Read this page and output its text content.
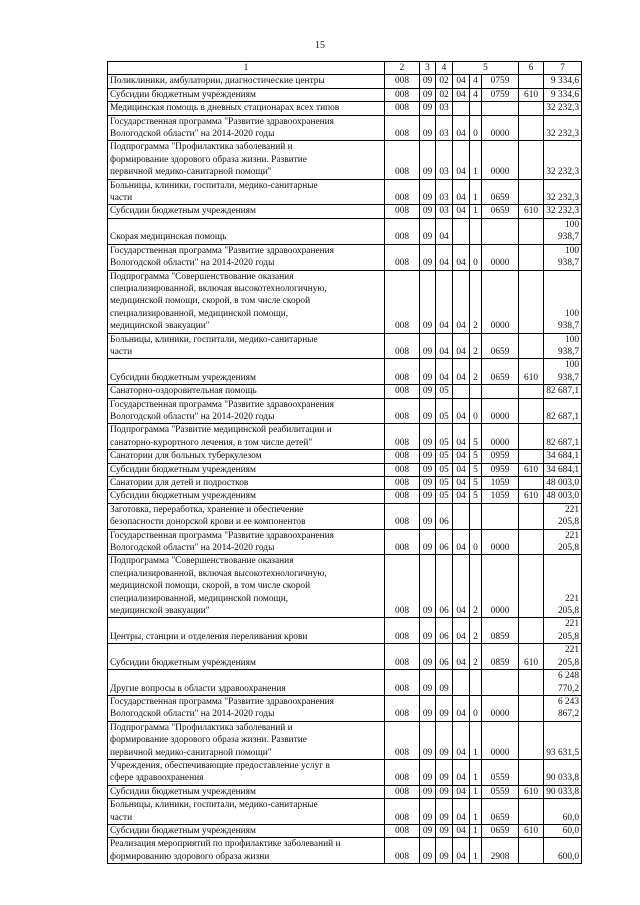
15
1	2	3	4	5			6	7
Поликлиники, амбулатории, диагностические центры	008	09	02	04	4	0759		9 334,6
Субсидии бюджетным учреждениям	008	09	02	04	4	0759	610	9 334,6
Медицинская помощь в дневных стационарах всех типов	008	09	03					32 232,3
Государственная программа "Развитие здравоохранения
Вологодской области" на 2014-2020 годы	008	09	03	04	0	0000		32 232,3
Подпрограмма "Профилактика заболеваний и
формирование здорового образа жизни. Развитие
первичной медико-санитарной помощи"	008	09	03	04	1	0000		32 232,3
Больницы, клиники, госпитали, медико-санитарные
части	008	09	03	04	1	0659		32 232,3
Субсидии бюджетным учреждениям	008	09	03	04	1	0659	610	32 232,3
Скорая медицинская помощь	008	09	04					100 938,7
Государственная программа "Развитие здравоохранения
Вологодской области" на 2014-2020 годы	008	09	04	04	0	0000		100 938,7
Подпрограмма "Совершенствование оказания
специализированной, включая высокотехнологичную,
медицинской помощи, скорой, в том числе скорой
специализированной, медицинской помощи,
медицинской эвакуации"	008	09	04	04	2	0000		100 938,7
Больницы, клиники, госпитали, медико-санитарные
части	008	09	04	04	2	0659		100 938,7
Субсидии бюджетным учреждениям	008	09	04	04	2	0659	610	100 938,7
Санаторно-оздоровительная помощь	008	09	05					82 687,1
Государственная программа "Развитие здравоохранения
Вологодской области" на 2014-2020 годы	008	09	05	04	0	0000		82 687,1
Подпрограмма "Развитие медицинской реабилитации и
санаторно-курортного лечения, в том числе детей"	008	09	05	04	5	0000		82 687,1
Санатории для больных туберкулезом	008	09	05	04	5	0959		34 684,1
Субсидии бюджетным учреждениям	008	09	05	04	5	0959	610	34 684,1
Санатории для детей и подростков	008	09	05	04	5	1059		48 003,0
Субсидии бюджетным учреждениям	008	09	05	04	5	1059	610	48 003,0
Заготовка, переработка, хранение и обеспечение
безопасности донорской крови и ее компонентов	008	09	06					221 205,8
Государственная программа "Развитие здравоохранения
Вологодской области" на 2014-2020 годы	008	09	06	04	0	0000		221 205,8
Подпрограмма "Совершенствование оказания
специализированной, включая высокотехнологичную,
медицинской помощи, скорой, в том числе скорой
специализированной, медицинской помощи,
медицинской эвакуации"	008	09	06	04	2	0000		221 205,8
Центры, станции и отделения переливания крови	008	09	06	04	2	0859		221 205,8
Субсидии бюджетным учреждениям	008	09	06	04	2	0859	610	221 205,8
Другие вопросы в области здравоохранения	008	09	09					6 248 770,2
Государственная программа "Развитие здравоохранения
Вологодской области" на 2014-2020 годы	008	09	09	04	0	0000		6 243 867,2
Подпрограмма "Профилактика заболеваний и
формирование здорового образа жизни. Развитие
первичной медико-санитарной помощи"	008	09	09	04	1	0000		93 631,5
Учреждения, обеспечивающие предоставление услуг в
сфере здравоохранения	008	09	09	04	1	0559		90 033,8
Субсидии бюджетным учреждениям	008	09	09	04	1	0559	610	90 033,8
Больницы, клиники, госпитали, медико-санитарные
части	008	09	09	04	1	0659		60,0
Субсидии бюджетным учреждениям	008	09	09	04	1	0659	610	60,0
Реализация мероприятий по профилактике заболеваний и
формированию здорового образа жизни	008	09	09	04	1	2908		600,0
